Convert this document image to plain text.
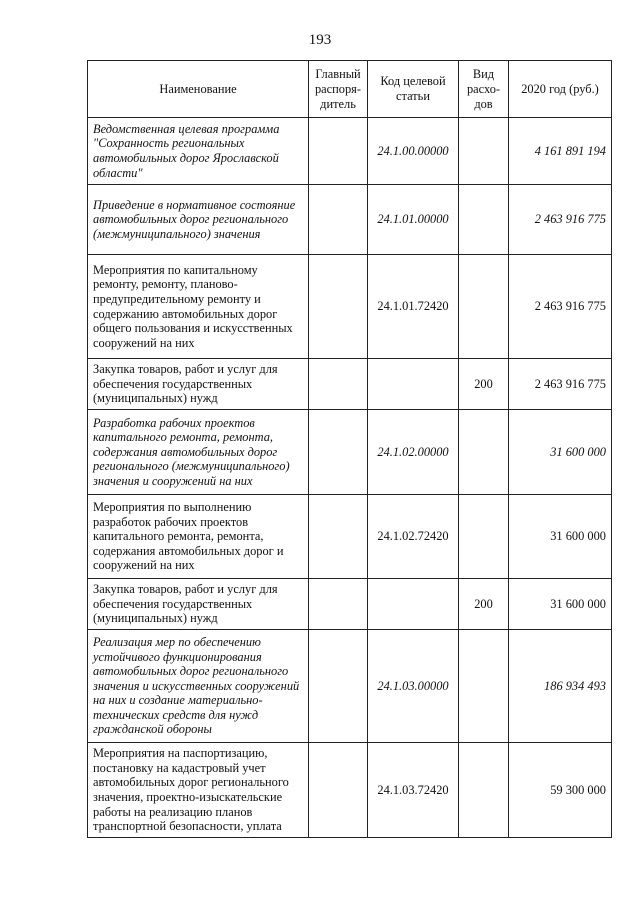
193
Наименование	Главный распоря-дитель	Код целевой статьи	Вид расхо-дов	2020 год (руб.)
Ведомственная целевая программа "Сохранность региональных автомобильных дорог Ярославской области"		24.1.00.00000		4 161 891 194
Приведение в нормативное состояние автомобильных дорог регионального (межмуниципального) значения		24.1.01.00000		2 463 916 775
Мероприятия по капитальному ремонту, ремонту, планово-предупредительному ремонту и содержанию автомобильных дорог общего пользования и искусственных сооружений на них		24.1.01.72420		2 463 916 775
Закупка товаров, работ и услуг для обеспечения государственных (муниципальных) нужд			200	2 463 916 775
Разработка рабочих проектов капитального ремонта, ремонта, содержания автомобильных дорог регионального (межмуниципального) значения и сооружений на них		24.1.02.00000		31 600 000
Мероприятия по выполнению разработок рабочих проектов капитального ремонта, ремонта, содержания автомобильных дорог и сооружений на них		24.1.02.72420		31 600 000
Закупка товаров, работ и услуг для обеспечения государственных (муниципальных) нужд			200	31 600 000
Реализация мер по обеспечению устойчивого функционирования автомобильных дорог регионального значения и искусственных сооружений на них и создание материально-технических средств для нужд гражданской обороны		24.1.03.00000		186 934 493
Мероприятия на паспортизацию, постановку на кадастровый учет автомобильных дорог регионального значения, проектно-изыскательские работы на реализацию планов транспортной безопасности, уплата		24.1.03.72420		59 300 000
